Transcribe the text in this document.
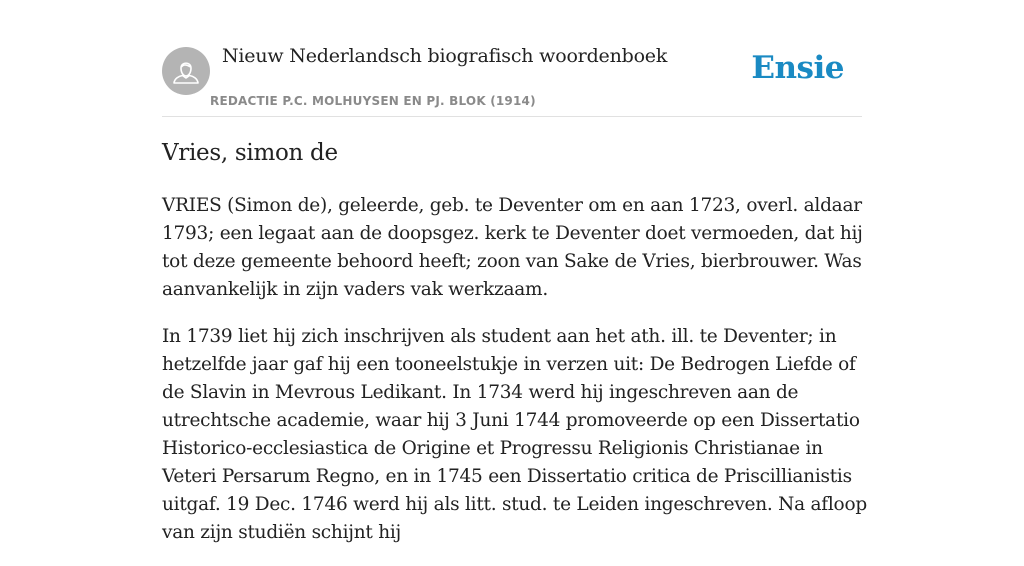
Nieuw Nederlandsch biografisch woordenboek
REDACTIE P.C. MOLHUYSEN EN PJ. BLOK (1914)
Ensie
Vries, simon de

VRIES (Simon de), geleerde, geb. te Deventer om en aan 1723, overl. aldaar 1793; een legaat aan de doopsgez. kerk te Deventer doet vermoeden, dat hij tot deze gemeente behoord heeft; zoon van Sake de Vries, bierbrouwer. Was aanvankelijk in zijn vaders vak werkzaam.

In 1739 liet hij zich inschrijven als student aan het ath. ill. te Deventer; in hetzelfde jaar gaf hij een tooneelstukje in verzen uit: De Bedrogen Liefde of de Slavin in Mevrous Ledikant. In 1734 werd hij ingeschreven aan de utrechtsche academie, waar hij 3 Juni 1744 promoveerde op een Dissertatio Historico-ecclesiastica de Origine et Progressu Religionis Christianae in Veteri Persarum Regno, en in 1745 een Dissertatio critica de Priscillianistis uitgaf. 19 Dec. 1746 werd hij als litt. stud. te Leiden ingeschreven. Na afloop van zijn studiën schijnt hij
